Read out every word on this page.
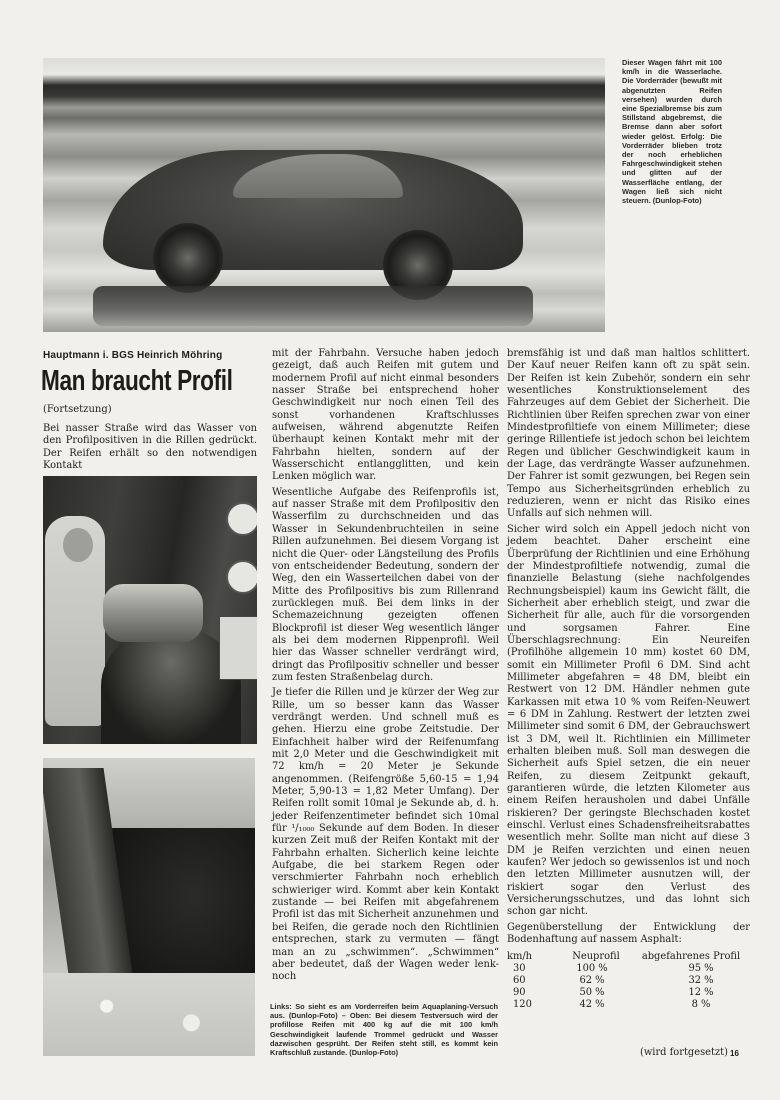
Dieser Wagen fährt mit 100 km/h in die Wasserlache. Die Vorderräder (bewußt mit abgenutzten Reifen versehen) wurden durch eine Spezialbremse bis zum Stillstand abgebremst, die Bremse dann aber sofort wieder gelöst. Erfolg: Die Vorderräder blieben trotz der noch erheblichen Fahrgeschwindigkeit stehen und glitten auf der Wasserfläche entlang, der Wagen ließ sich nicht steuern. (Dunlop-Foto)
Hauptmann i. BGS Heinrich Möhring
Man braucht Profil
(Fortsetzung)

Bei nasser Straße wird das Wasser von den Profilpositiven in die Rillen gedrückt. Der Reifen erhält so den notwendigen Kontakt

mit der Fahrbahn. Versuche haben jedoch gezeigt, daß auch Reifen mit gutem und modernem Profil auf nicht einmal besonders nasser Straße bei entsprechend hoher Geschwindigkeit nur noch einen Teil des sonst vorhandenen Kraftschlusses aufweisen, während abgenutzte Reifen überhaupt keinen Kontakt mehr mit der Fahrbahn hielten, sondern auf der Wasserschicht entlangglitten, und kein Lenken möglich war.

Wesentliche Aufgabe des Reifenprofils ist, auf nasser Straße mit dem Profilpositiv den Wasserfilm zu durchschneiden und das Wasser in Sekundenbruchteilen in seine Rillen aufzunehmen. Bei diesem Vorgang ist nicht die Quer- oder Längsteilung des Profils von entscheidender Bedeutung, sondern der Weg, den ein Wasserteilchen dabei von der Mitte des Profilpositivs bis zum Rillenrand zurücklegen muß. Bei dem links in der Schemazeichnung gezeigten offenen Blockprofil ist dieser Weg wesentlich länger als bei dem modernen Rippenprofil. Weil hier das Wasser schneller verdrängt wird, dringt das Profilpositiv schneller und besser zum festen Straßenbelag durch.

Je tiefer die Rillen und je kürzer der Weg zur Rille, um so besser kann das Wasser verdrängt werden. Und schnell muß es gehen. Hierzu eine grobe Zeitstudie. Der Einfachheit halber wird der Reifenumfang mit 2,0 Meter und die Geschwindigkeit mit 72 km/h = 20 Meter je Sekunde angenommen. (Reifengröße 5,60-15 = 1,94 Meter, 5,90-13 = 1,82 Meter Umfang). Der Reifen rollt somit 10mal je Sekunde ab, d. h. jeder Reifenzentimeter befindet sich 10mal für ¹/₁₀₀₀ Sekunde auf dem Boden. In dieser kurzen Zeit muß der Reifen Kontakt mit der Fahrbahn erhalten. Sicherlich keine leichte Aufgabe, die bei starkem Regen oder verschmierter Fahrbahn noch erheblich schwieriger wird. Kommt aber kein Kontakt zustande — bei Reifen mit abgefahrenem Profil ist das mit Sicherheit anzunehmen und bei Reifen, die gerade noch den Richtlinien entsprechen, stark zu vermuten — fängt man an zu „schwimmen“. „Schwimmen“ aber bedeutet, daß der Wagen weder lenk- noch

Links: So sieht es am Vorderreifen beim Aquaplaning-Versuch aus. (Dunlop-Foto) – Oben: Bei diesem Testversuch wird der profillose Reifen mit 400 kg auf die mit 100 km/h Geschwindigkeit laufende Trommel gedrückt und Wasser dazwischen gesprüht. Der Reifen steht still, es kommt kein Kraftschluß zustande. (Dunlop-Foto)

bremsfähig ist und daß man haltlos schlittert. Der Kauf neuer Reifen kann oft zu spät sein. Der Reifen ist kein Zubehör, sondern ein sehr wesentliches Konstruktionselement des Fahrzeuges auf dem Gebiet der Sicherheit. Die Richtlinien über Reifen sprechen zwar von einer Mindestprofiltiefe von einem Millimeter; diese geringe Rillentiefe ist jedoch schon bei leichtem Regen und üblicher Geschwindigkeit kaum in der Lage, das verdrängte Wasser aufzunehmen. Der Fahrer ist somit gezwungen, bei Regen sein Tempo aus Sicherheitsgründen erheblich zu reduzieren, wenn er nicht das Risiko eines Unfalls auf sich nehmen will.

Sicher wird solch ein Appell jedoch nicht von jedem beachtet. Daher erscheint eine Überprüfung der Richtlinien und eine Erhöhung der Mindestprofiltiefe notwendig, zumal die finanzielle Belastung (siehe nachfolgendes Rechnungsbeispiel) kaum ins Gewicht fällt, die Sicherheit aber erheblich steigt, und zwar die Sicherheit für alle, auch für die vorsorgenden und sorgsamen Fahrer. Eine Überschlagsrechnung: Ein Neureifen (Profilhöhe allgemein 10 mm) kostet 60 DM, somit ein Millimeter Profil 6 DM. Sind acht Millimeter abgefahren = 48 DM, bleibt ein Restwert von 12 DM. Händler nehmen gute Karkassen mit etwa 10 % vom Reifen-Neuwert = 6 DM in Zahlung. Restwert der letzten zwei Millimeter sind somit 6 DM, der Gebrauchswert ist 3 DM, weil lt. Richtlinien ein Millimeter erhalten bleiben muß. Soll man deswegen die Sicherheit aufs Spiel setzen, die ein neuer Reifen, zu diesem Zeitpunkt gekauft, garantieren würde, die letzten Kilometer aus einem Reifen herausholen und dabei Unfälle riskieren? Der geringste Blechschaden kostet einschl. Verlust eines Schadensfreiheitsrabattes wesentlich mehr. Sollte man nicht auf diese 3 DM je Reifen verzichten und einen neuen kaufen? Wer jedoch so gewissenlos ist und noch den letzten Millimeter ausnutzen will, der riskiert sogar den Verlust des Versicherungsschutzes, und das lohnt sich schon gar nicht.

Gegenüberstellung der Entwicklung der Bodenhaftung auf nassem Asphalt:

km/h	Neuprofil	abgefahrenes Profil
30	100 %	95 %
60	62 %	32 %
90	50 %	12 %
120	42 %	8 %
(wird fortgesetzt) 16
